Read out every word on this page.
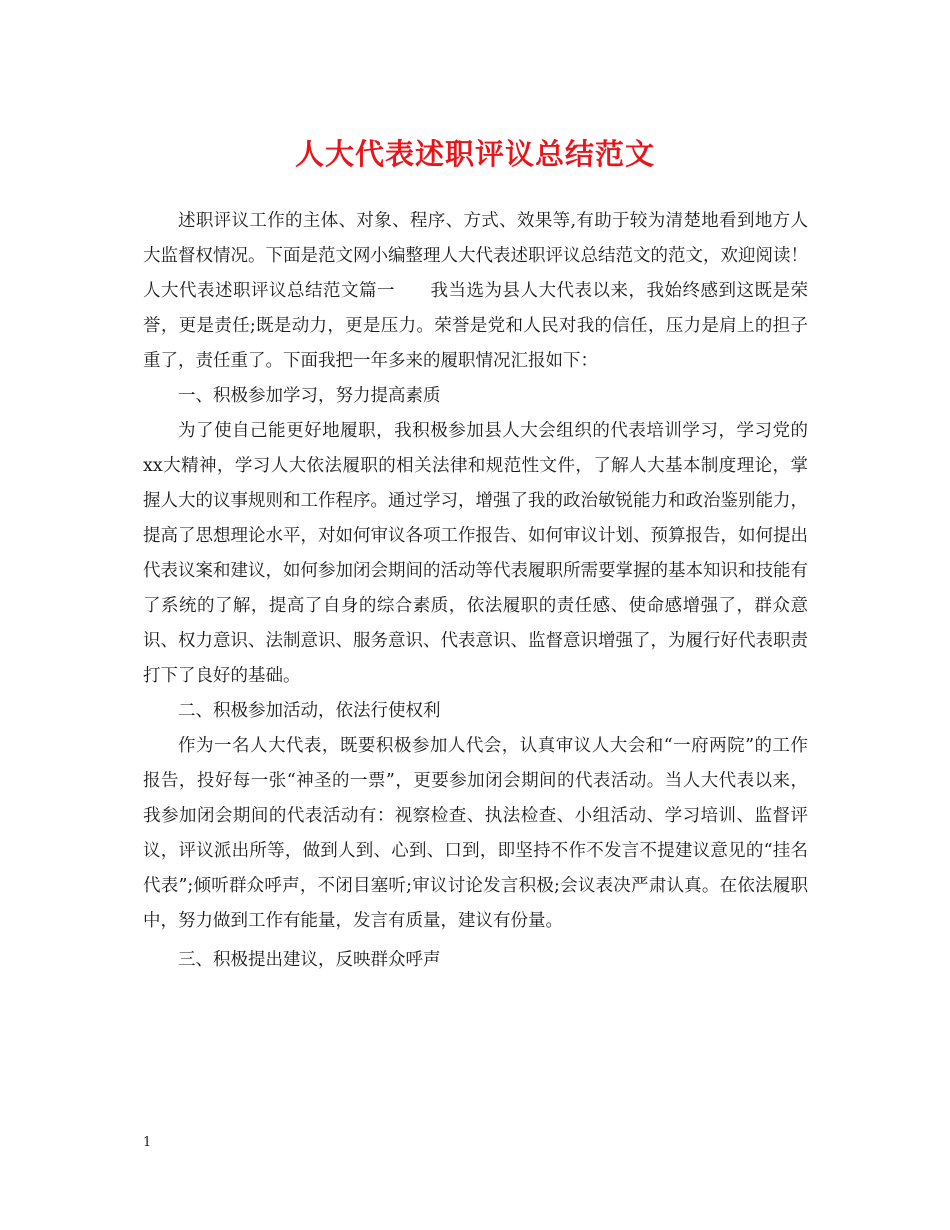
人大代表述职评议总结范文

述职评议工作的主体、对象、程序、方式、效果等,有助于较为清楚地看到地方人大监督权情况。下面是范文网小编整理人大代表述职评议总结范文的范文，欢迎阅读！

人大代表述职评议总结范文篇一 我当选为县人大代表以来，我始终感到这既是荣誉，更是责任;既是动力，更是压力。荣誉是党和人民对我的信任，压力是肩上的担子重了，责任重了。下面我把一年多来的履职情况汇报如下：

一、积极参加学习，努力提高素质

为了使自己能更好地履职，我积极参加县人大会组织的代表培训学习，学习党的xx大精神，学习人大依法履职的相关法律和规范性文件，了解人大基本制度理论，掌握人大的议事规则和工作程序。通过学习，增强了我的政治敏锐能力和政治鉴别能力，提高了思想理论水平，对如何审议各项工作报告、如何审议计划、预算报告，如何提出代表议案和建议，如何参加闭会期间的活动等代表履职所需要掌握的基本知识和技能有了系统的了解，提高了自身的综合素质，依法履职的责任感、使命感增强了，群众意识、权力意识、法制意识、服务意识、代表意识、监督意识增强了，为履行好代表职责打下了良好的基础。

二、积极参加活动，依法行使权利

作为一名人大代表，既要积极参加人代会，认真审议人大会和“一府两院”的工作报告，投好每一张“神圣的一票”，更要参加闭会期间的代表活动。当人大代表以来，我参加闭会期间的代表活动有：视察检查、执法检查、小组活动、学习培训、监督评议，评议派出所等，做到人到、心到、口到，即坚持不作不发言不提建议意见的“挂名代表”;倾听群众呼声，不闭目塞听;审议讨论发言积极;会议表决严肃认真。在依法履职中，努力做到工作有能量，发言有质量，建议有份量。

三、积极提出建议，反映群众呼声

1
